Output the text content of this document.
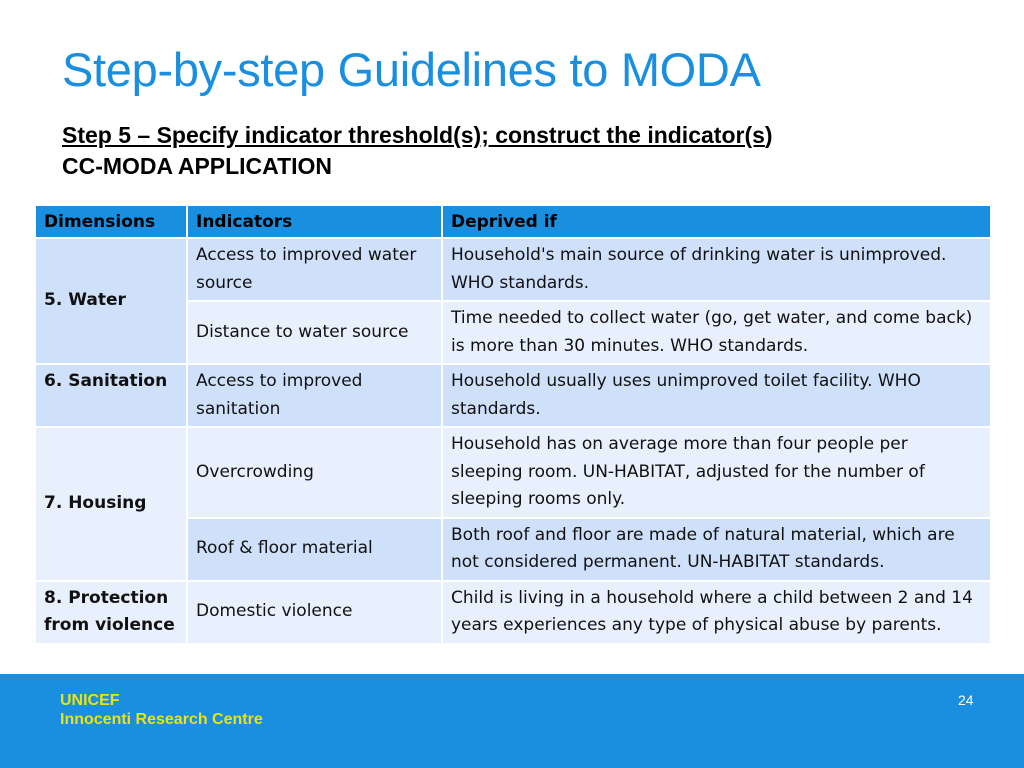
Step-by-step Guidelines to MODA
Step 5 – Specify indicator threshold(s); construct the indicator(s)
CC-MODA APPLICATION
UNICEF
Innocenti Research Centre
24
Dimensions	Indicators	Deprived if
5. Water	Access to improved water source	Household's main source of drinking water is unimproved. WHO standards.
	Distance to water source	Time needed to collect water (go, get water, and come back) is more than 30 minutes. WHO standards.
6. Sanitation	Access to improved sanitation	Household usually uses unimproved toilet facility. WHO standards.
7. Housing	Overcrowding	Household has on average more than four people per sleeping room. UN-HABITAT, adjusted for the number of sleeping rooms only.
	Roof & floor material	Both roof and floor are made of natural material, which are not considered permanent. UN-HABITAT standards.
8. Protection from violence	Domestic violence	Child is living in a household where a child between 2 and 14 years experiences any type of physical abuse by parents.
